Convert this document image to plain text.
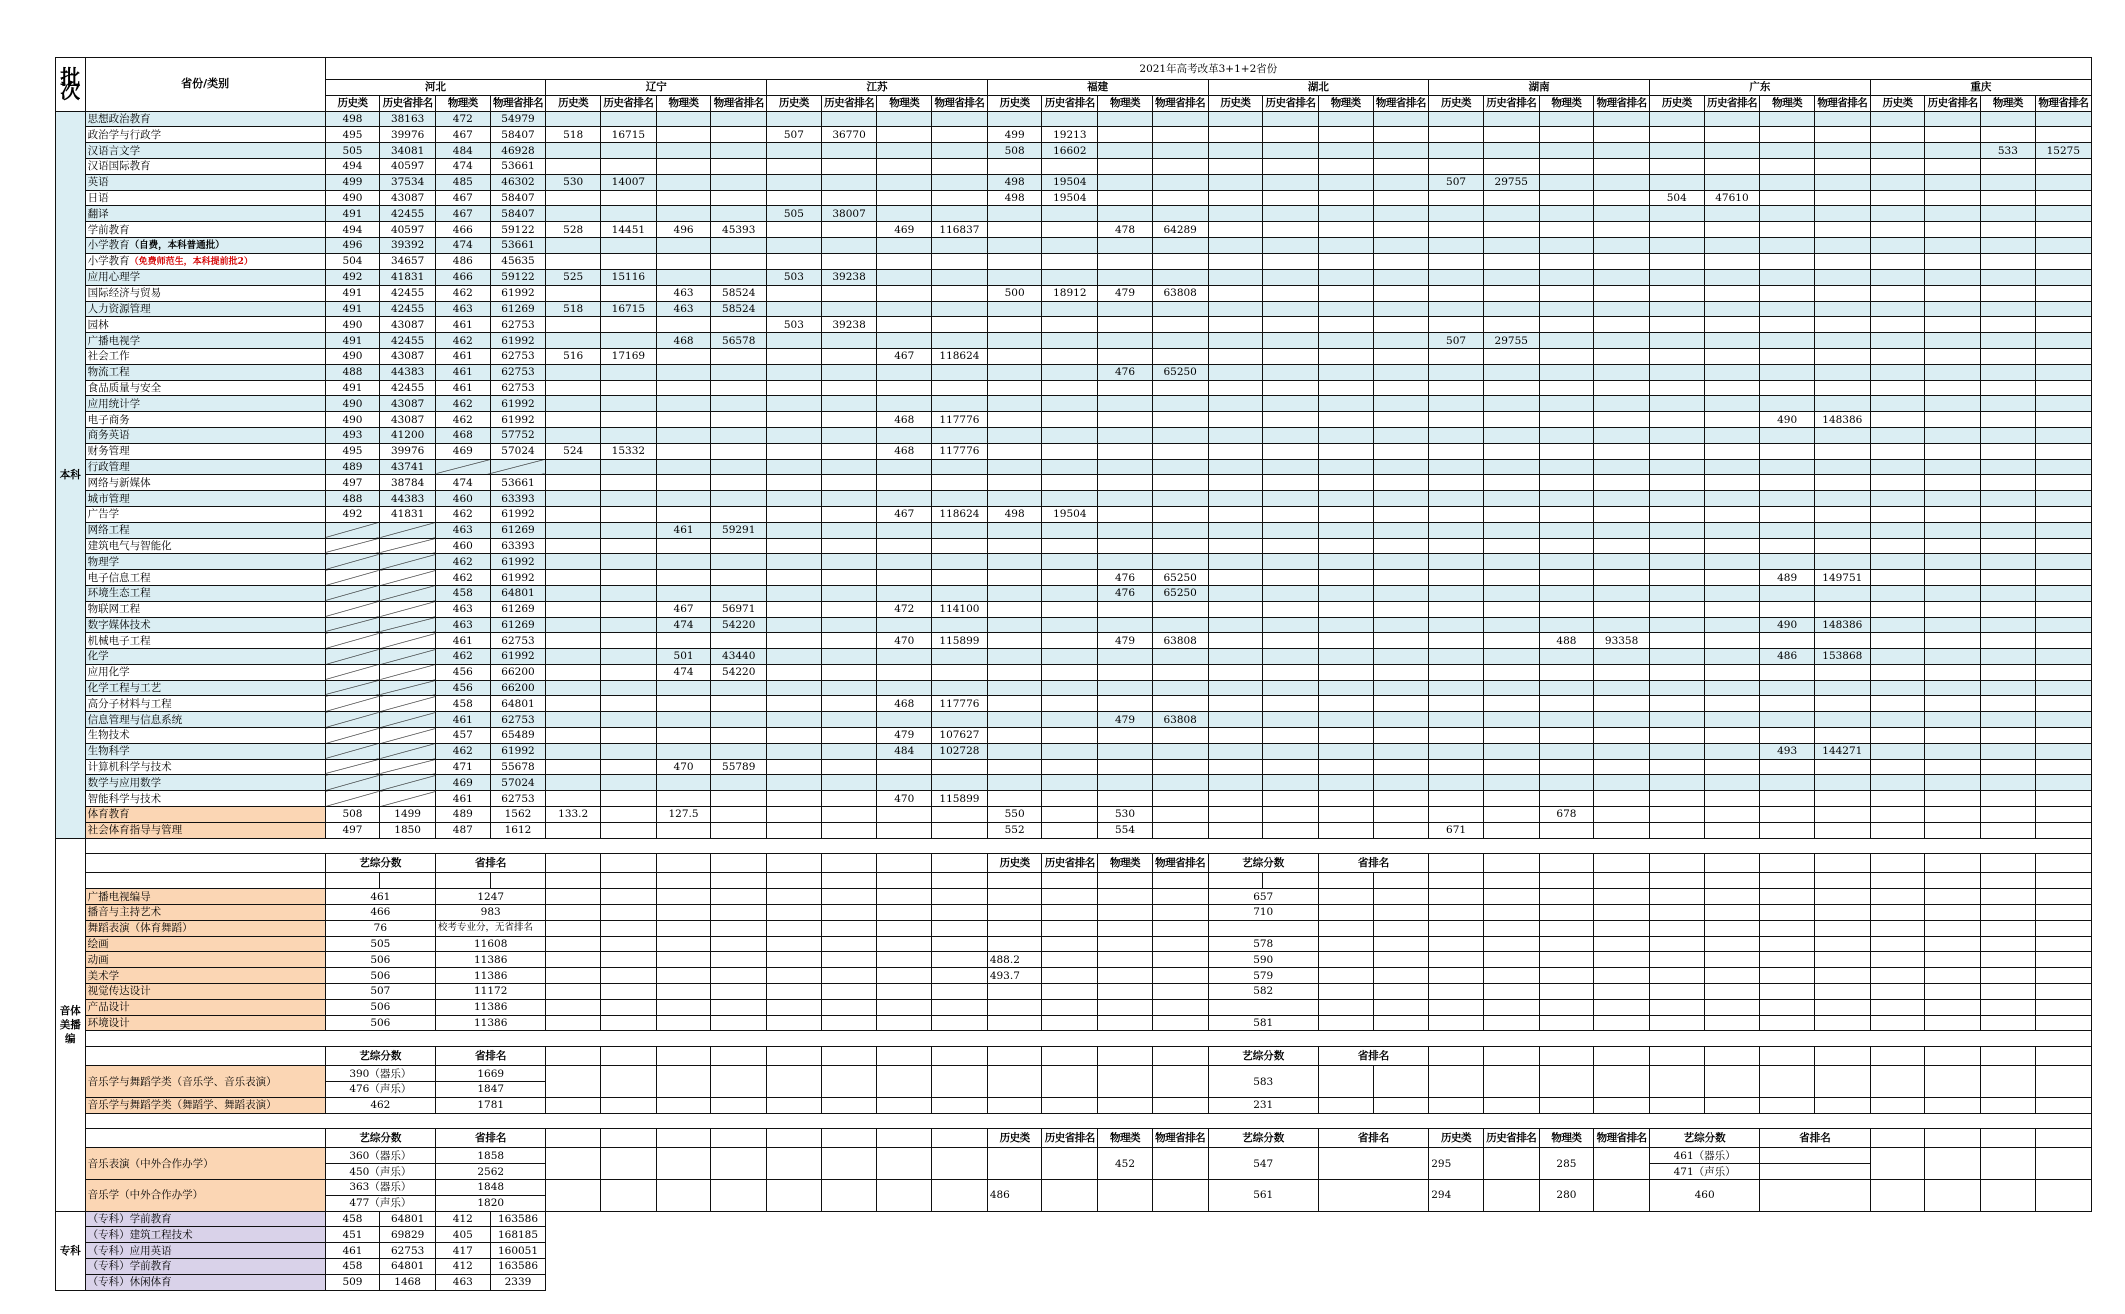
批次	省份/类别	2021年高考改革3+1+2省份																															
		河北				辽宁				江苏				福建				湖北				湖南				广东				重庆			
		历史类	历史省排名	物理类	物理省排名	历史类	历史省排名	物理类	物理省排名	历史类	历史省排名	物理类	物理省排名	历史类	历史省排名	物理类	物理省排名	历史类	历史省排名	物理类	物理省排名	历史类	历史省排名	物理类	物理省排名	历史类	历史省排名	物理类	物理省排名	历史类	历史省排名	物理类	物理省排名
本科	思想政治教育	498	38163	472	54979																												
	政治学与行政学	495	39976	467	58407	518	16715			507	36770			499	19213																		
	汉语言文学	505	34081	484	46928									508	16602																	533	15275
	汉语国际教育	494	40597	474	53661																												
	英语	499	37534	485	46302	530	14007							498	19504							507	29755										
	日语	490	43087	467	58407									498	19504											504	47610						
	翻译	491	42455	467	58407					505	38007																						
	学前教育	494	40597	466	59122	528	14451	496	45393			469	116837			478	64289																
	小学教育（自费，本科普通批）	496	39392	474	53661																												
	小学教育（免费师范生，本科提前批2）	504	34657	486	45635																												
	应用心理学	492	41831	466	59122	525	15116			503	39238																						
	国际经济与贸易	491	42455	462	61992			463	58524					500	18912	479	63808																
	人力资源管理	491	42455	463	61269	518	16715	463	58524																								
	园林	490	43087	461	62753					503	39238																						
	广播电视学	491	42455	462	61992			468	56578													507	29755										
	社会工作	490	43087	461	62753	516	17169					467	118624																				
	物流工程	488	44383	461	62753											476	65250																
	食品质量与安全	491	42455	461	62753																												
	应用统计学	490	43087	462	61992																												
	电子商务	490	43087	462	61992							468	117776															490	148386				
	商务英语	493	41200	468	57752																												
	财务管理	495	39976	469	57024	524	15332					468	117776																				
	行政管理	489	43741																														
	网络与新媒体	497	38784	474	53661																												
	城市管理	488	44383	460	63393																												
	广告学	492	41831	462	61992							467	118624	498	19504																		
	网络工程			463	61269			461	59291																								
	建筑电气与智能化			460	63393																												
	物理学			462	61992																												
	电子信息工程			462	61992											476	65250											489	149751				
	环境生态工程			458	64801											476	65250																
	物联网工程			463	61269			467	56971			472	114100																				
	数字媒体技术			463	61269			474	54220																			490	148386				
	机械电子工程			461	62753							470	115899			479	63808							488	93358								
	化学			462	61992			501	43440																			486	153868				
	应用化学			456	66200			474	54220																								
	化学工程与工艺			456	66200																												
	高分子材料与工程			458	64801							468	117776																				
	信息管理与信息系统			461	62753											479	63808																
	生物技术			457	65489							479	107627																				
	生物科学			462	61992							484	102728															493	144271				
	计算机科学与技术			471	55678			470	55789																								
	数学与应用数学			469	57024																												
	智能科学与技术			461	62753							470	115899																				
	体育教育	508	1499	489	1562	133.2		127.5						550		530								678									
	社会体育指导与管理	497	1850	487	1612									552		554						671											
音体美播编																																	
		艺综分数		省排名										历史类	历史省排名	物理类	物理省排名	艺综分数		省排名													

	广播电视编导	461		1247														657															
	播音与主持艺术	466		983														710															
	舞蹈表演（体育舞蹈）	76		校考专业分，无省排名																													
	绘画	505		11608														578															
	动画	506		11386										488.2				590															
	美术学	506		11386										493.7				579															
	视觉传达设计	507		11172														582															
	产品设计	506		11386																													
	环境设计	506		11386														581															

		艺综分数		省排名														艺综分数		省排名													
	音乐学与舞蹈学类（音乐学、音乐表演）	390（器乐）		1669														583															
		476（声乐）		1847																													
	音乐学与舞蹈学类（舞蹈学、舞蹈表演）	462		1781														231															

		艺综分数		省排名										历史类	历史省排名	物理类	物理省排名	艺综分数		省排名		历史类	历史省排名	物理类	物理省排名	艺综分数		省排名					
	音乐表演（中外合作办学）	360（器乐）		1858												452		547				295		285		461（器乐）							
		450（声乐）		2562																						471（声乐）							
	音乐学（中外合作办学）	363（器乐）		1848										486				561				294		280		460							
		477（声乐）		1820																													
专科	（专科）学前教育	458	64801	412	163586																												
	（专科）建筑工程技术	451	69829	405	168185																												
	（专科）应用英语	461	62753	417	160051																												
	（专科）学前教育	458	64801	412	163586																												
	（专科）休闲体育	509	1468	463	2339																												
